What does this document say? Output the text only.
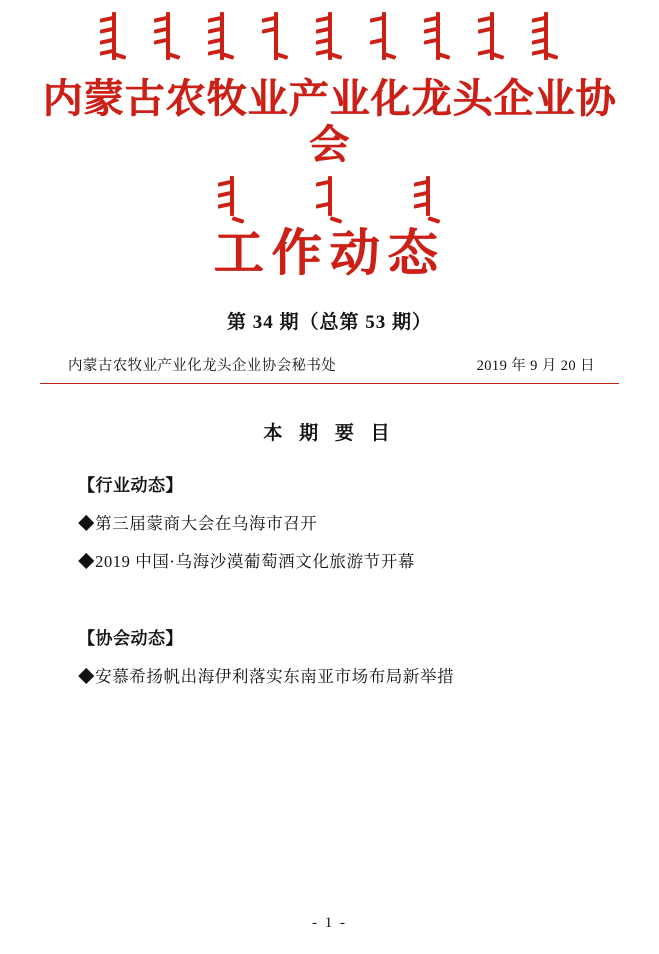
内蒙古农牧业产业化龙头企业协会
工作动态
第 34 期（总第 53 期）
内蒙古农牧业产业化龙头企业协会秘书处	2019 年 9 月 20 日
本 期 要 目
【行业动态】
◆第三届蒙商大会在乌海市召开
◆2019 中国·乌海沙漠葡萄酒文化旅游节开幕
【协会动态】
◆安慕希扬帆出海伊利落实东南亚市场布局新举措
- 1 -
